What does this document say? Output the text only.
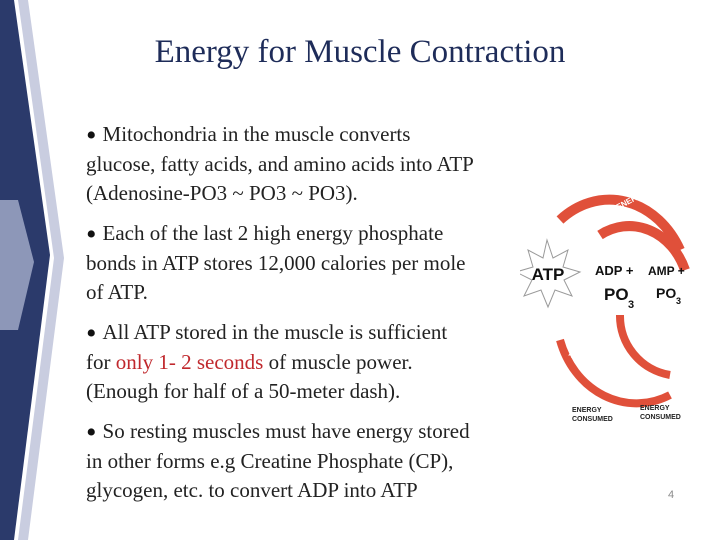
Energy for Muscle Contraction
• Mitochondria in the muscle converts
glucose, fatty acids, and amino acids into ATP
(Adenosine-PO3 ~ PO3 ~ PO3).
• Each of the last 2 high energy phosphate
bonds in ATP stores 12,000 calories per mole
of ATP.
• All ATP stored in the muscle is sufficient
for only 1- 2 seconds of muscle power.
(Enough for half of a 50-meter dash).
• So resting muscles must have energy stored
in other forms e.g Creatine Phosphate (CP),
glycogen, etc. to convert ADP into ATP
ENERGY RELEASED
ENERGY RELEASED
Recycle
Recycle
ATP ADP +
PO
3
AMP +
PO 3
ENERGY
CONSUMED
ENERGY
CONSUMED
4
